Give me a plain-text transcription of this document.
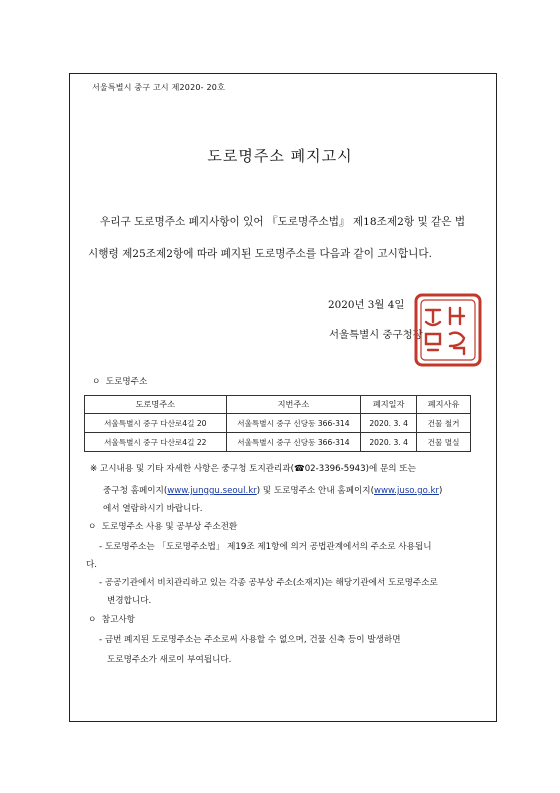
서울특별시 중구 고시 제2020- 20호
도로명주소 폐지고시
우리구 도로명주소 폐지사항이 있어 『도로명주소법』 제18조제2항 및 같은 법
시행령 제25조제2항에 따라 폐지된 도로명주소를 다음과 같이 고시합니다.
2020년 3월 4일
서울특별시 중구청장
ㅇ 도로명주소
도로명주소	지번주소	폐지일자	폐지사유
서울특별시 중구 다산로4길 20	서울특별시 중구 신당동 366-314	2020. 3. 4	건물 철거
서울특별시 중구 다산로4길 22	서울특별시 중구 신당동 366-314	2020. 3. 4	건물 멸실
※ 고시내용 및 기타 자세한 사항은 중구청 토지관리과(☎02-3396-5943)에 문의 또는
중구청 홈페이지(www.junggu.seoul.kr) 및 도로명주소 안내 홈페이지(www.juso.go.kr)
에서 열람하시기 바랍니다.
ㅇ 도로명주소 사용 및 공부상 주소전환
- 도로명주소는 「도로명주소법」 제19조 제1항에 의거 공법관계에서의 주소로 사용됩니
다.
- 공공기관에서 비치관리하고 있는 각종 공부상 주소(소재지)는 해당기관에서 도로명주소로
변경합니다.
ㅇ 참고사항
- 금번 폐지된 도로명주소는 주소로써 사용할 수 없으며, 건물 신축 등이 발생하면
도로명주소가 새로이 부여됩니다.
